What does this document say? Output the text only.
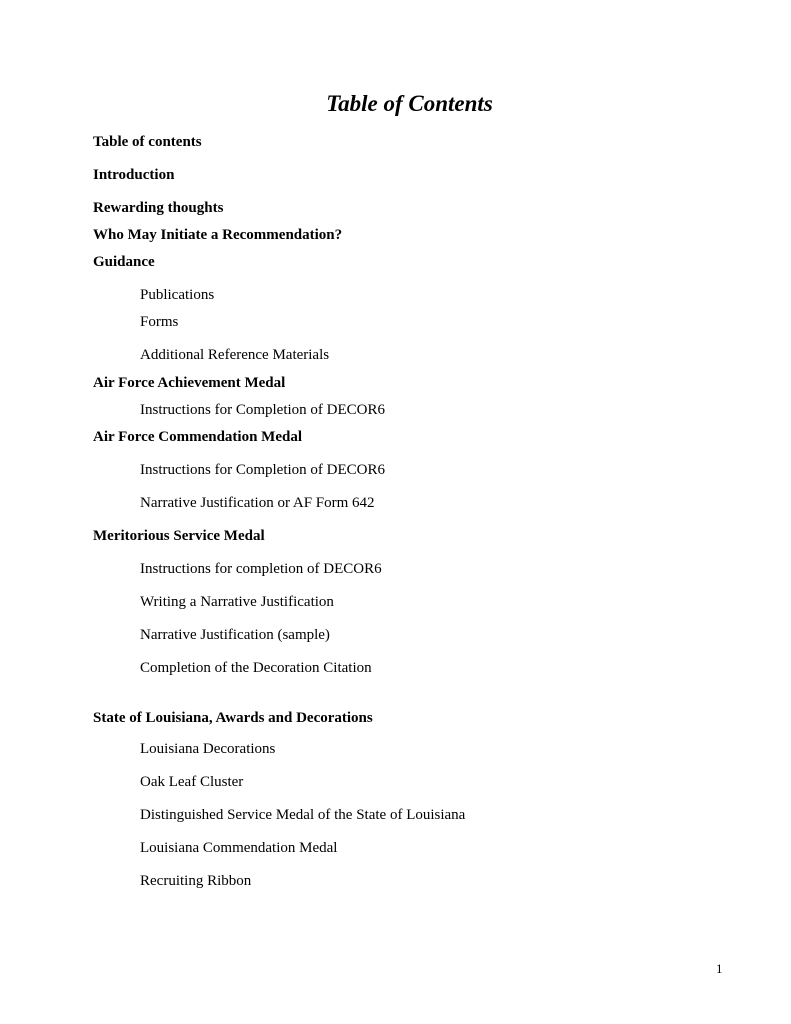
Table of Contents
Table of contents
Introduction
Rewarding thoughts
Who May Initiate a Recommendation?
Guidance
Publications
Forms
Additional Reference Materials
Air Force Achievement Medal
Instructions for Completion of DECOR6
Air Force Commendation Medal
Instructions for Completion of DECOR6
Narrative Justification or AF Form 642
Meritorious Service Medal
Instructions for completion of DECOR6
Writing a Narrative Justification
Narrative Justification (sample)
Completion of the Decoration Citation
State of Louisiana, Awards and Decorations
Louisiana Decorations
Oak Leaf Cluster
Distinguished Service Medal of the State of Louisiana
Louisiana Commendation Medal
Recruiting Ribbon
1
